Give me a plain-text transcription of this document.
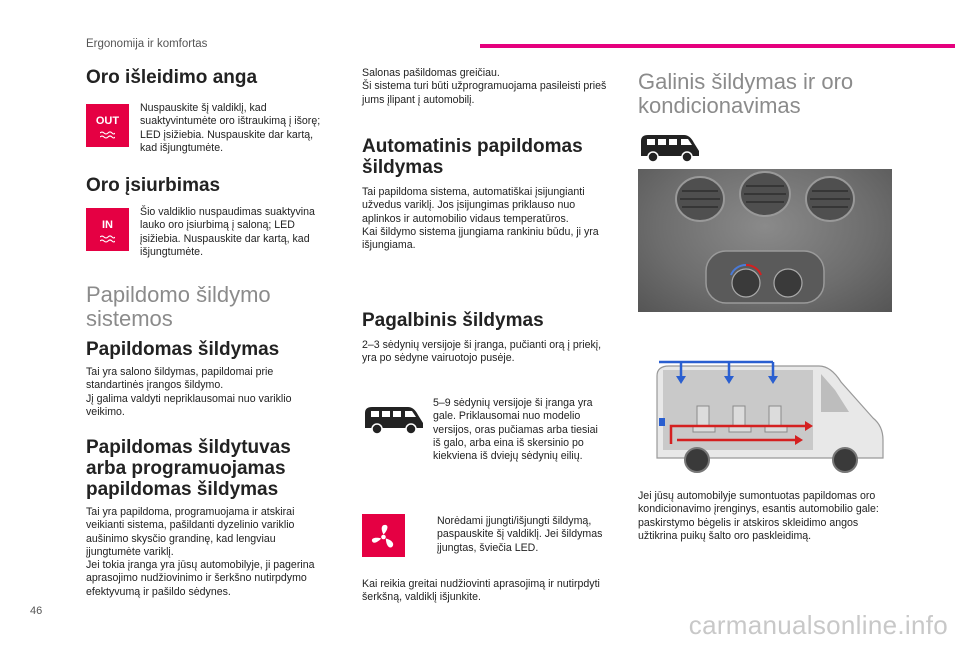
Ergonomija ir komfortas
Oro išleidimo anga
OUT
Nuspauskite šį valdiklį, kad
suaktyvintumėte oro ištraukimą į išorę;
LED įsižiebia. Nuspauskite dar kartą,
kad išjungtumėte.
Oro įsiurbimas
IN
Šio valdiklio nuspaudimas suaktyvina
lauko oro įsiurbimą į saloną; LED
įsižiebia. Nuspauskite dar kartą, kad
išjungtumėte.
Papildomo šildymo
sistemos
Papildomas šildymas
Tai yra salono šildymas, papildomai prie
standartinės įrangos šildymo.
Jį galima valdyti nepriklausomai nuo variklio
veikimo.
Papildomas šildytuvas
arba programuojamas
papildomas šildymas
Tai yra papildoma, programuojama ir atskirai
veikianti sistema, pašildanti dyzelinio variklio
aušinimo skysčio grandinę, kad lengviau
įjungtumėte variklį.
Jei tokia įranga yra jūsų automobilyje, ji pagerina
aprasojimo nudžiovinimo ir šerkšno nutirpdymo
efektyvumą ir pašildo sėdynes.
Salonas pašildomas greičiau.
Ši sistema turi būti užprogramuojama pasileisti prieš
jums įlipant į automobilį.
Automatinis papildomas
šildymas
Tai papildoma sistema, automatiškai įsijungianti
užvedus variklį. Jos įsijungimas priklauso nuo
aplinkos ir automobilio vidaus temperatūros.
Kai šildymo sistema įjungiama rankiniu būdu, ji yra
išjungiama.
Pagalbinis šildymas
2–3 sėdynių versijoje ši įranga, pučianti orą į priekį,
yra po sėdyne vairuotojo pusėje.
5–9 sėdynių versijoje ši įranga yra
gale. Priklausomai nuo modelio
versijos, oras pučiamas arba tiesiai
iš galo, arba eina iš skersinio po
kiekviena iš dviejų sėdynių eilių.
Norėdami įjungti/išjungti šildymą,
paspauskite šį valdiklį. Jei šildymas
įjungtas, šviečia LED.
Kai reikia greitai nudžiovinti aprasojimą ir nutirpdyti
šerkšną, valdiklį išjunkite.
Galinis šildymas ir oro
kondicionavimas
Jei jūsų automobilyje sumontuotas papildomas oro
kondicionavimo įrenginys, esantis automobilio gale:
paskirstymo bėgelis ir atskiros skleidimo angos
užtikrina puikų šalto oro paskleidimą.
46	carmanualsonline.info
